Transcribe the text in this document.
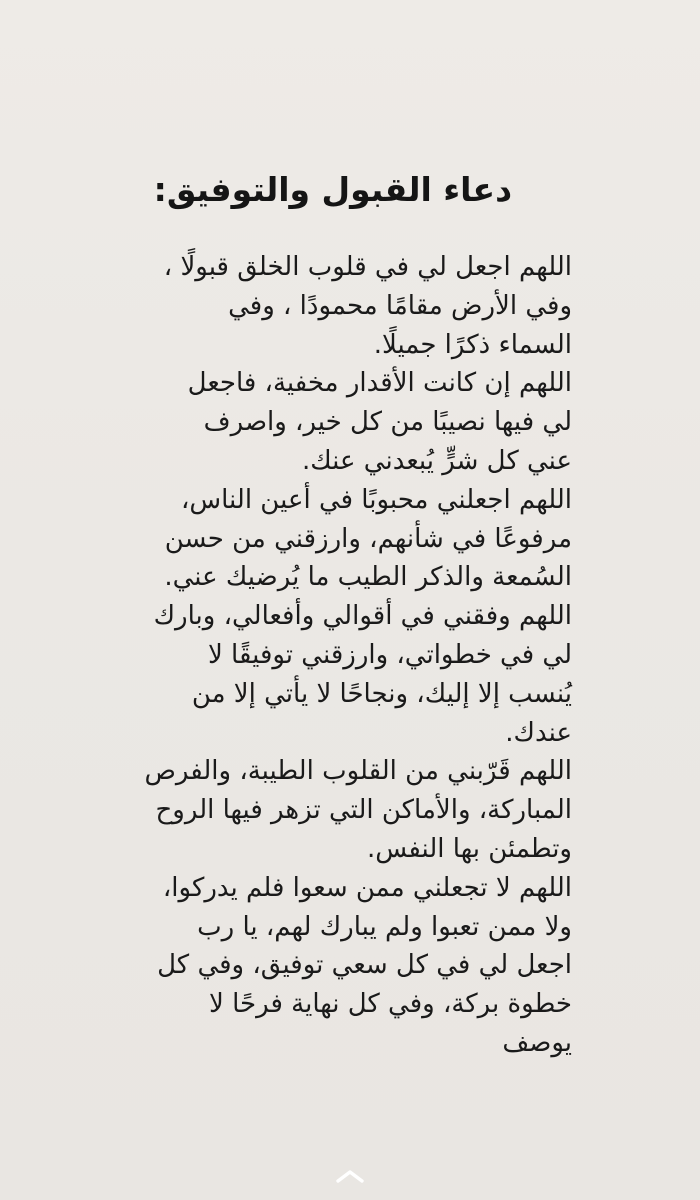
دعاء القبول والتوفيق:
اللهم اجعل لي في قلوب الخلق قبولًا ،
وفي الأرض مقامًا محمودًا ، وفي
السماء ذكرًا جميلًا.
اللهم إن كانت الأقدار مخفية، فاجعل
لي فيها نصيبًا من كل خير، واصرف
عني كل شرٍّ يُبعدني عنك.
اللهم اجعلني محبوبًا في أعين الناس،
مرفوعًا في شأنهم، وارزقني من حسن
السُمعة والذكر الطيب ما يُرضيك عني.
اللهم وفقني في أقوالي وأفعالي، وبارك
لي في خطواتي، وارزقني توفيقًا لا
يُنسب إلا إليك، ونجاحًا لا يأتي إلا من
عندك.
اللهم قَرّبني من القلوب الطيبة، والفرص
المباركة، والأماكن التي تزهر فيها الروح
وتطمئن بها النفس.
اللهم لا تجعلني ممن سعوا فلم يدركوا،
ولا ممن تعبوا ولم يبارك لهم، يا رب
اجعل لي في كل سعي توفيق، وفي كل
خطوة بركة، وفي كل نهاية فرحًا لا
يوصف
